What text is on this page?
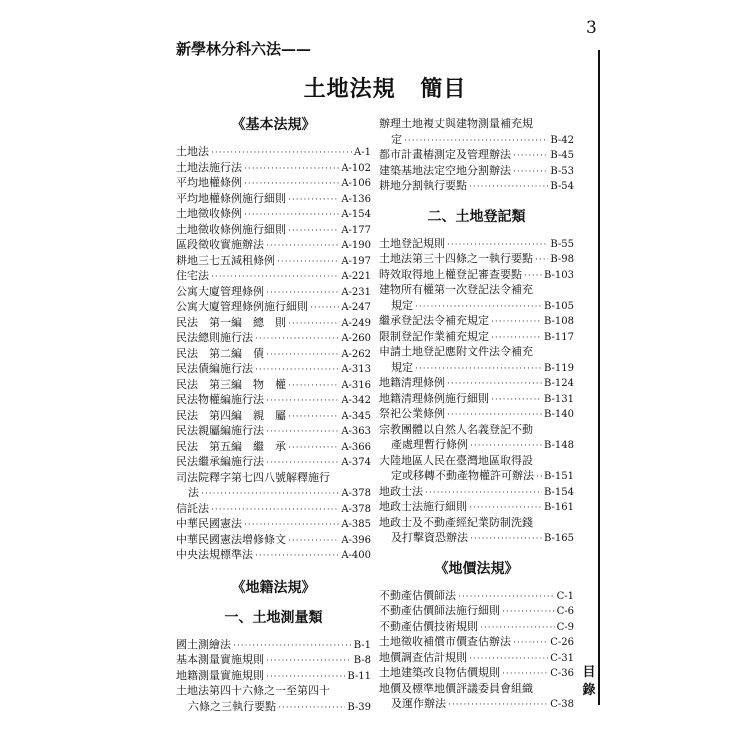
3
新學林分科六法——
土地法規 簡目
《基本法規》
土地法 ·····	A-1
土地法施行法 ·····	A-102
平均地權條例 ·····	A-106
平均地權條例施行細則 ·····	A-136
土地徵收條例 ·····	A-154
土地徵收條例施行細則 ·····	A-177
區段徵收實施辦法 ·····	A-190
耕地三七五減租條例 ·····	A-197
住宅法 ·····	A-221
公寓大廈管理條例 ·····	A-231
公寓大廈管理條例施行細則 ·····	A-247
民法　第一編　總　則 ·····	A-249
民法總則施行法 ·····	A-260
民法　第二編　債 ·····	A-262
民法債編施行法 ·····	A-313
民法　第三編　物　權 ·····	A-316
民法物權編施行法 ·····	A-342
民法　第四編　親　屬 ·····	A-345
民法親屬編施行法 ·····	A-363
民法　第五編　繼　承 ·····	A-366
民法繼承編施行法 ·····	A-374
司法院釋字第七四八號解釋施行
法 ·····	A-378
信託法 ·····	A-378
中華民國憲法 ·····	A-385
中華民國憲法增修條文 ·····	A-396
中央法規標準法 ·····	A-400
《地籍法規》
一、土地測量類
國土測繪法 ·····	B-1
基本測量實施規則 ·····	B-8
地籍測量實施規則 ·····	B-11
土地法第四十六條之一至第四十
六條之三執行要點 ·····	B-39
辦理土地複丈與建物測量補充規
定 ·····	B-42
都市計畫樁測定及管理辦法 ·····	B-45
建築基地法定空地分割辦法 ·····	B-53
耕地分割執行要點 ·····	B-54
二、土地登記類
土地登記規則 ·····	B-55
土地法第三十四條之一執行要點 ····· B-98
時效取得地上權登記審查要點 ····· B-103
建物所有權第一次登記法令補充
規定 ·····	B-105
繼承登記法令補充規定 ·····	B-108
限制登記作業補充規定 ·····	B-117
申請土地登記應附文件法令補充
規定 ·····	B-119
地籍清理條例 ·····	B-124
地籍清理條例施行細則 ·····	B-131
祭祀公業條例 ·····	B-140
宗教團體以自然人名義登記不動
產處理暫行條例 ·····	B-148
大陸地區人民在臺灣地區取得設
定或移轉不動產物權許可辦法 ····· B-151
地政士法 ·····	B-154
地政士法施行細則 ·····	B-161
地政士及不動產經紀業防制洗錢
及打擊資恐辦法 ·····	B-165
《地價法規》
不動產估價師法 ·····	C-1
不動產估價師法施行細則 ·····	C-6
不動產估價技術規則 ·····	C-9
土地徵收補償市價查估辦法 ·····	C-26
地價調查估計規則 ·····	C-31
土地建築改良物估價規則 ·····	C-36
地價及標準地價評議委員會組織
及運作辦法 ·····	C-38
目
錄
